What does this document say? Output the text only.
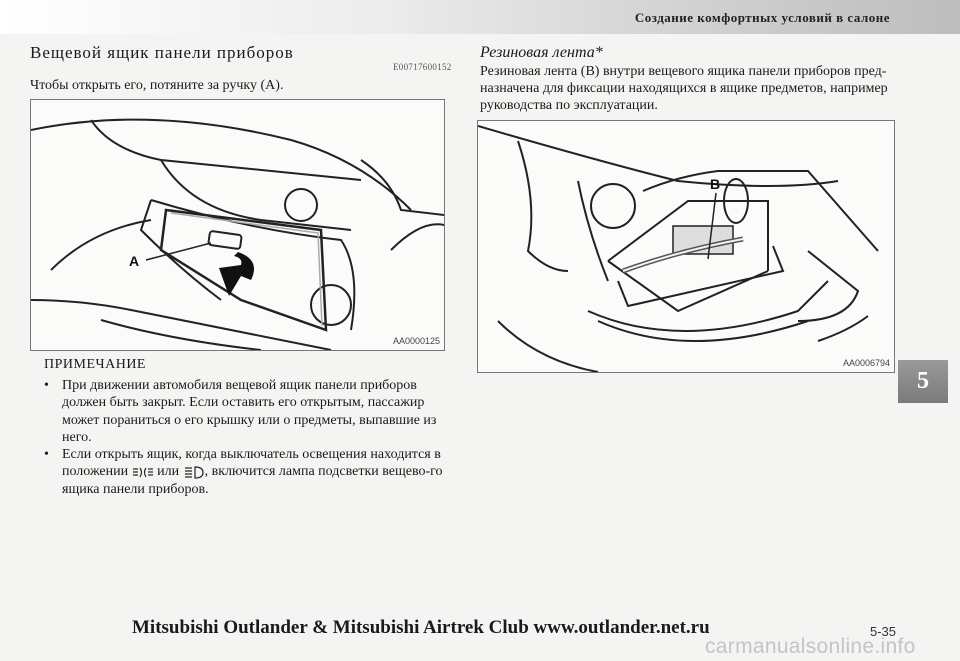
Создание комфортных условий в салоне
Вещевой ящик панели приборов
E00717600152
Чтобы открыть его, потяните за ручку (A).
A
AA0000125
ПРИМЕЧАНИЕ
• При движении автомобиля вещевой ящик панели приборов должен быть закрыт. Если оставить его открытым, пассажир может пораниться о его крышку или о предметы, выпавшие из него.
• Если открыть ящик, когда выключатель освещения находится в положении или , включится лампа подсветки вещево-го ящика панели приборов.
Резиновая лента*
Резиновая лента (B) внутри вещевого ящика панели приборов пред-назначена для фиксации находящихся в ящике предметов, например руководства по эксплуатации.
B
AA0006794
5
Mitsubishi Outlander & Mitsubishi Airtrek Club www.outlander.net.ru	5-35
carmanualsonline.info
